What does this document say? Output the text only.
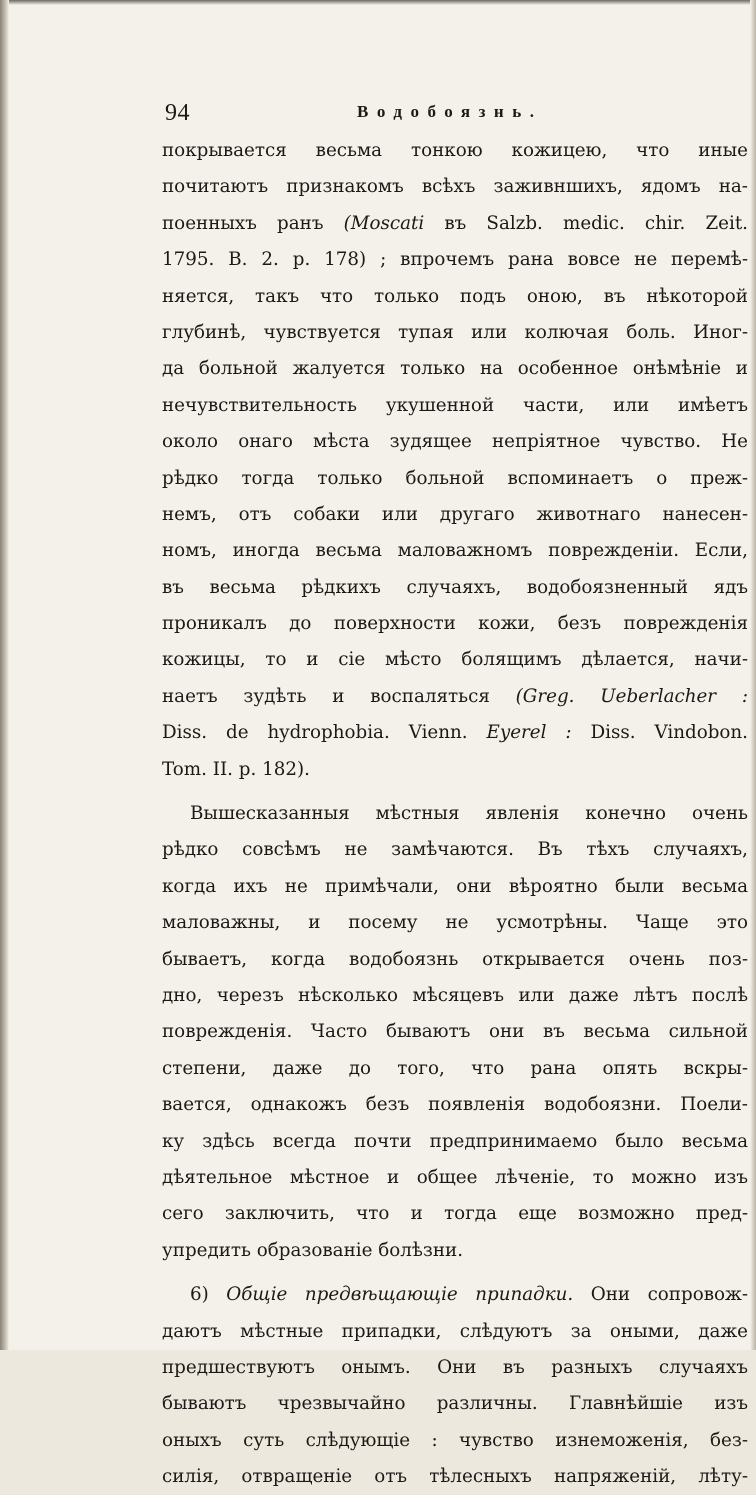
94	Водобоязнь.
покрывается весьма тонкою кожицею, что иные
почитаютъ признакомъ всѣхъ заживншихъ, ядомъ на-
поенныхъ ранъ (Moscati въ Salzb. medic. chir. Zeit.
1795. B. 2. p. 178) ; впрочемъ рана вовсе не перемѣ-
няется, такъ что только подъ оною, въ нѣкоторой
глубинѣ, чувствуется тупая или колючая боль. Иног-
да больной жалуется только на особенное онѣмѣніе и
нечувствительность укушенной части, или имѣетъ
около онаго мѣста зудящее непріятное чувство. Не
рѣдко тогда только больной вспоминаетъ о преж-
немъ, отъ собаки или другаго животнаго нанесен-
номъ, иногда весьма маловажномъ поврежденіи. Если,
въ весьма рѣдкихъ случаяхъ, водобоязненный ядъ
проникалъ до поверхности кожи, безъ поврежденія
кожицы, то и сіе мѣсто болящимъ дѣлается, начи-
наетъ зудѣть и воспаляться (Greg. Ueberlacher :
Diss. de hydrophobia. Vienn. Eyerel : Diss. Vindobon.
Tom. II. p. 182).
Вышесказанныя мѣстныя явленія конечно очень
рѣдко совсѣмъ не замѣчаются. Въ тѣхъ случаяхъ,
когда ихъ не примѣчали, они вѣроятно были весьма
маловажны, и посему не усмотрѣны. Чаще это
бываетъ, когда водобоязнь открывается очень поз-
дно, черезъ нѣсколько мѣсяцевъ или даже лѣтъ послѣ
поврежденія. Часто бываютъ они въ весьма сильной
степени, даже до того, что рана опять вскры-
вается, однакожъ безъ появленія водобоязни. Поели-
ку здѣсь всегда почти предпринимаемо было весьма
дѣятельное мѣстное и общее лѣченіе, то можно изъ
сего заключить, что и тогда еще возможно пред-
упредить образованіе болѣзни.
6) Общіе предвѣщающіе припадки. Они сопровож-
даютъ мѣстные припадки, слѣдуютъ за оными, даже
предшествуютъ онымъ. Они въ разныхъ случаяхъ
бываютъ чрезвычайно различны. Главнѣйшіе изъ
оныхъ суть слѣдующіе : чувство изнеможенія, без-
силія, отвращеніе отъ тѣлесныхъ напряженій, лѣту-
